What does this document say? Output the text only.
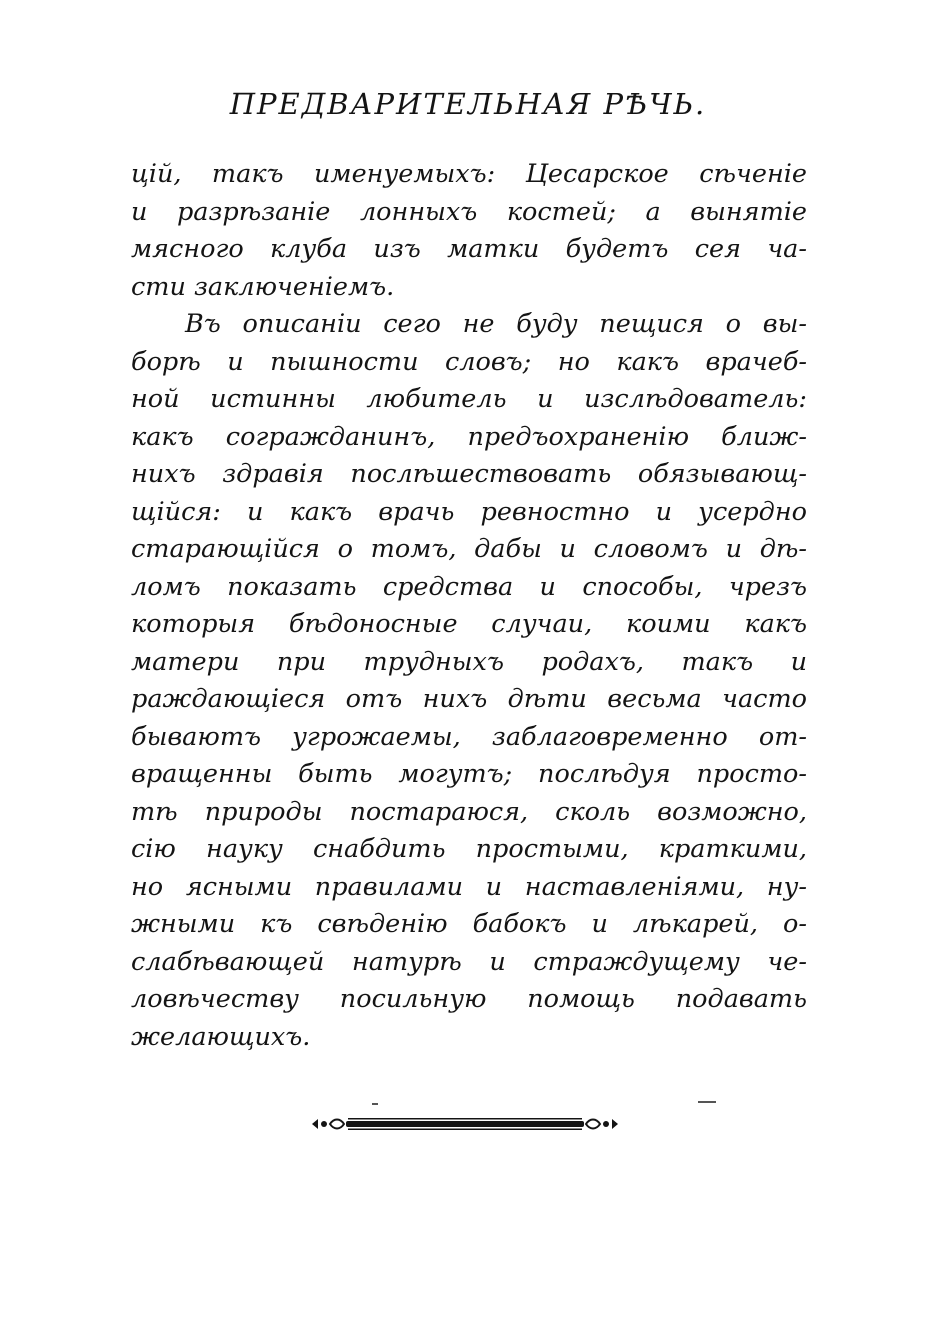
ПРЕДВАРИТЕЛЬНАЯ РѢЧЬ.
цій, такъ именуемыхъ: Цесарское сѣченіе
и разрѣзаніе лонныхъ костей; а вынятіе
мясного клуба изъ матки будетъ сея ча-
сти заключеніемъ.
Въ описаніи сего не буду пещися о вы-
борѣ и пышности словъ; но какъ врачеб-
ной истинны любитель и изслѣдователь:
какъ согражданинъ, предъохраненію ближ-
нихъ здравія послѣшествовать обязывающ-
щійся: и какъ врачь ревностно и усердно
старающійся о томъ, дабы и словомъ и дѣ-
ломъ показать средства и способы, чрезъ
которыя бѣдоносные случаи, коими какъ
матери при трудныхъ родахъ, такъ и
раждающіеся отъ нихъ дѣти весьма часто
бываютъ угрожаемы, заблаговременно от-
вращенны быть могутъ; послѣдуя просто-
тѣ природы постараюся, сколь возможно,
сію науку снабдить простыми, краткими,
но ясными правилами и наставленіями, ну-
жными къ свѣденію бабокъ и лѣкарей, о-
слабѣвающей натурѣ и страждущему че-
ловѣчеству посильную помощь подавать
желающихъ.
